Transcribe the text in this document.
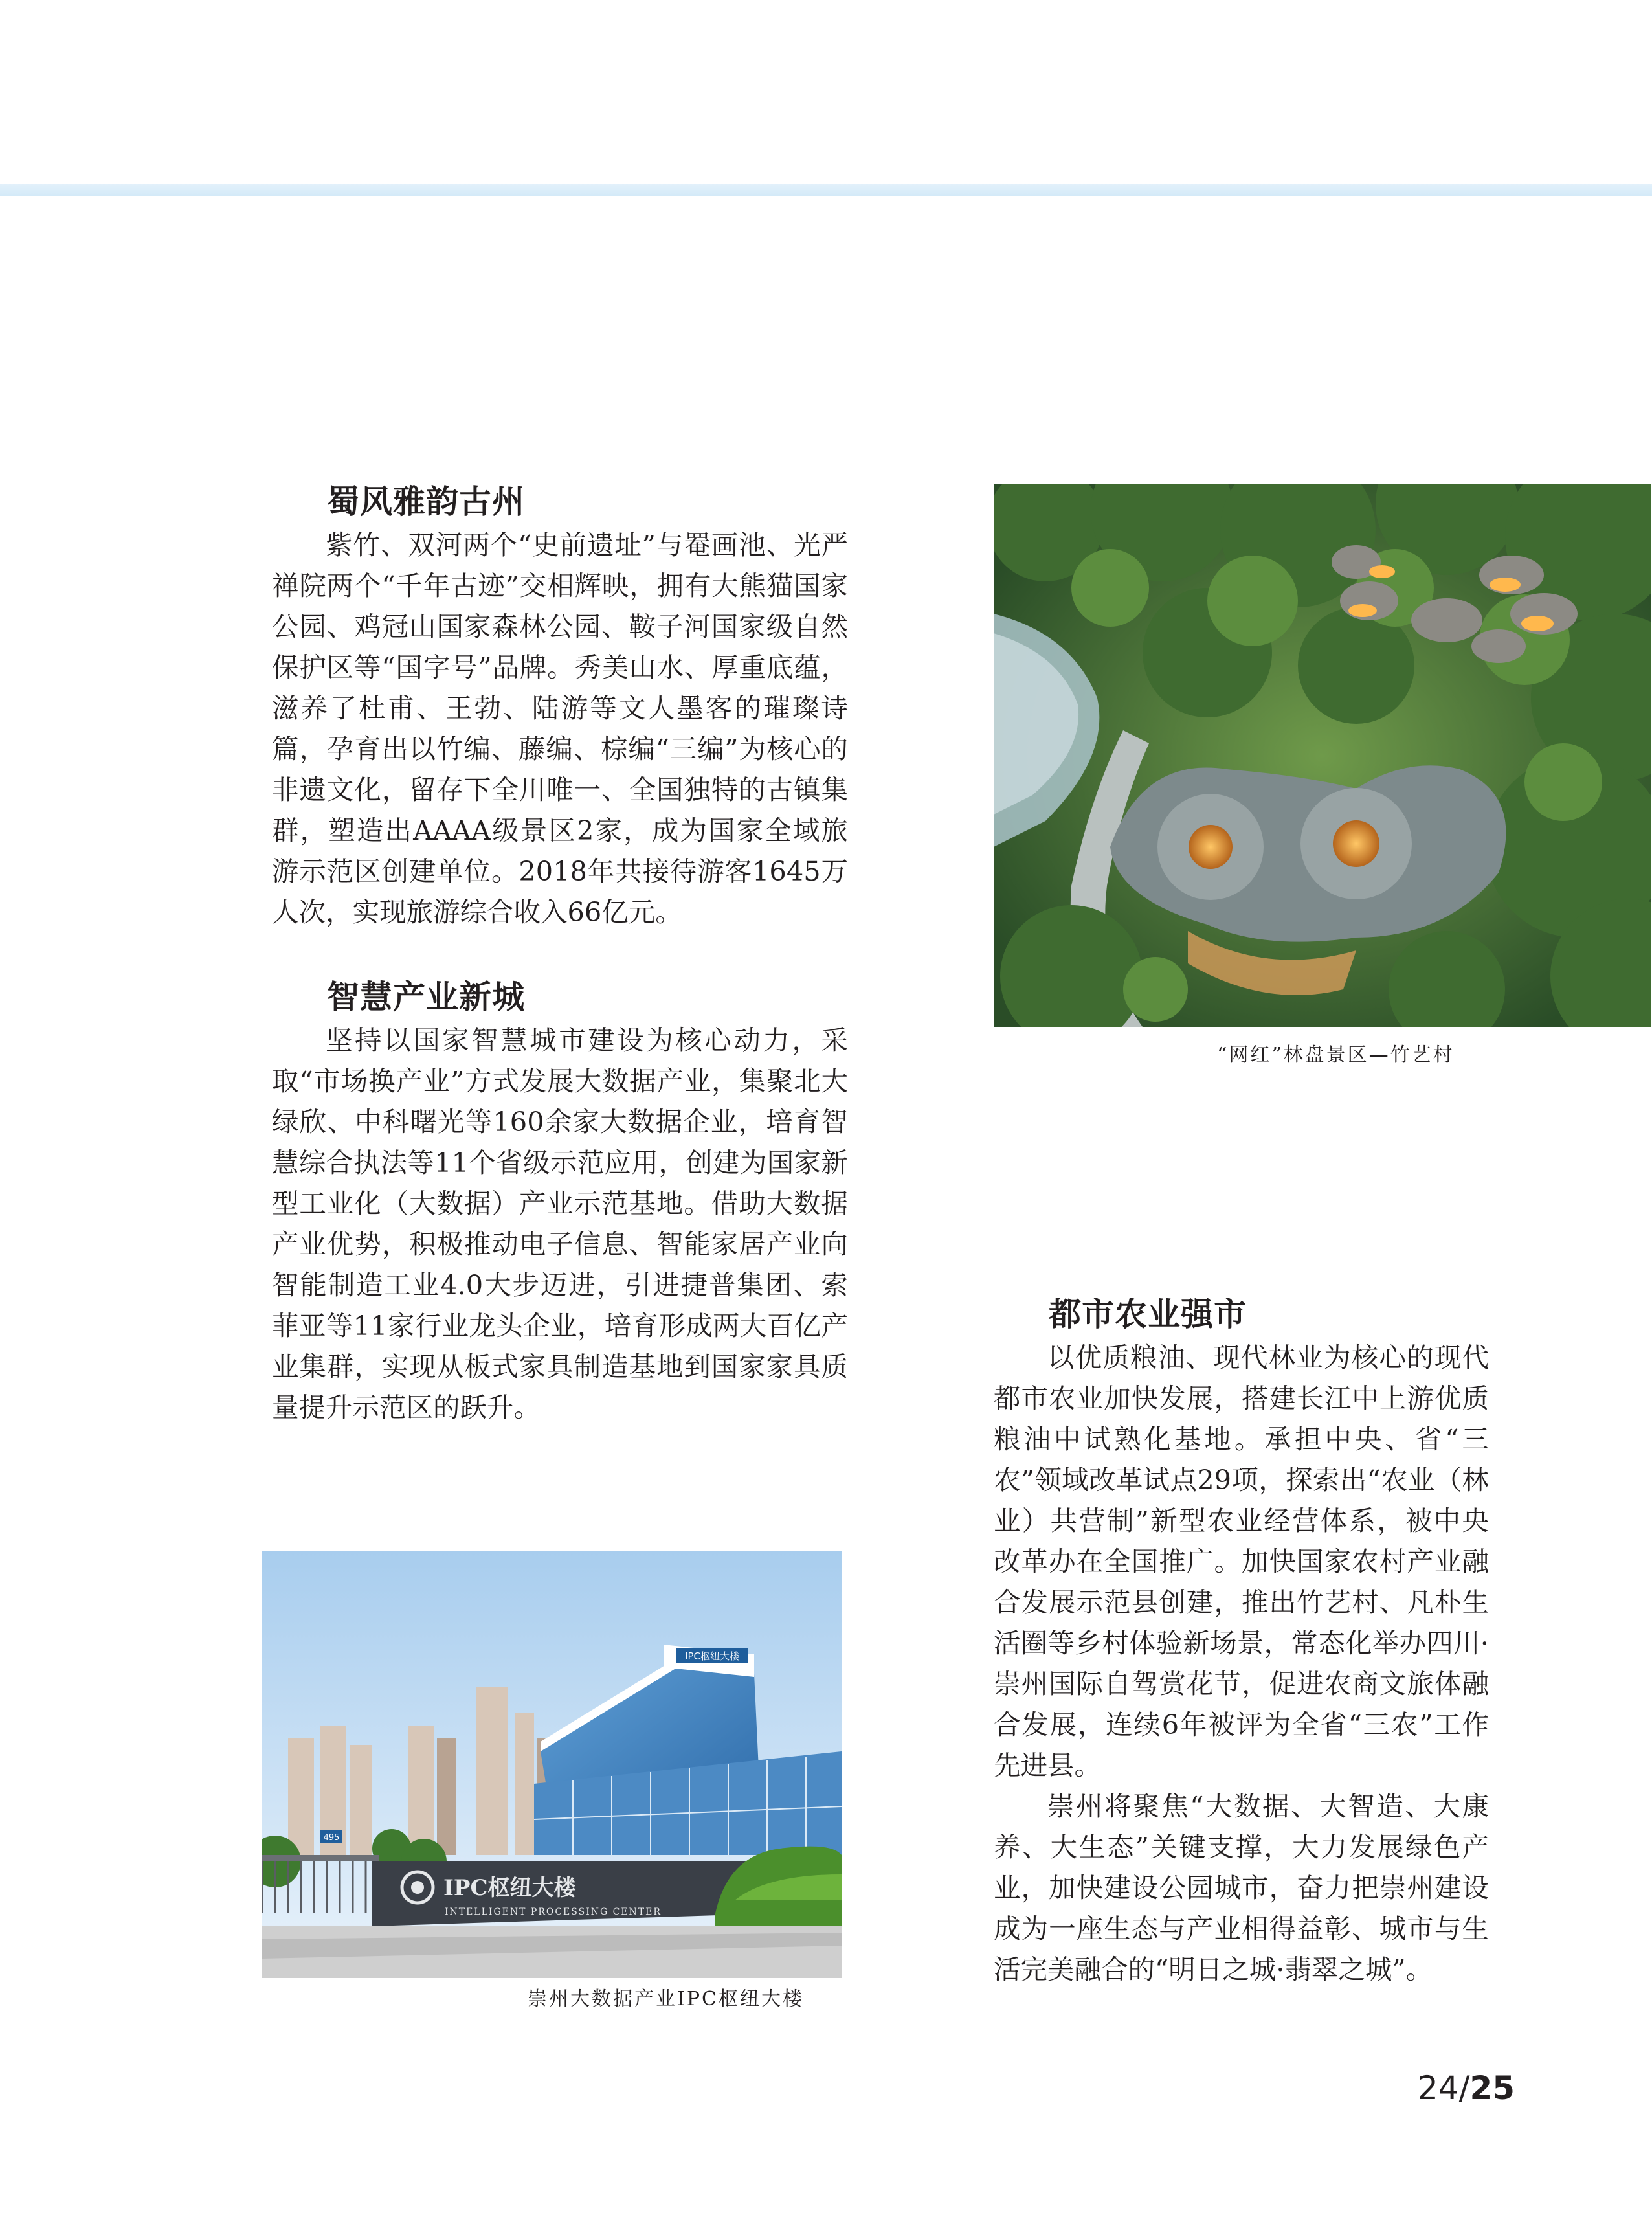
蜀风雅韵古州

紫竹、双河两个“史前遗址”与罨画池、光严禅院两个“千年古迹”交相辉映，拥有大熊猫国家公园、鸡冠山国家森林公园、鞍子河国家级自然保护区等“国字号”品牌。秀美山水、厚重底蕴，滋养了杜甫、王勃、陆游等文人墨客的璀璨诗篇，孕育出以竹编、藤编、棕编“三编”为核心的非遗文化，留存下全川唯一、全国独特的古镇集群，塑造出AAAA级景区2家，成为国家全域旅游示范区创建单位。2018年共接待游客1645万人次，实现旅游综合收入66亿元。

智慧产业新城

坚持以国家智慧城市建设为核心动力，采取“市场换产业”方式发展大数据产业，集聚北大绿欣、中科曙光等160余家大数据企业，培育智慧综合执法等11个省级示范应用，创建为国家新型工业化（大数据）产业示范基地。借助大数据产业优势，积极推动电子信息、智能家居产业向智能制造工业4.0大步迈进，引进捷普集团、索菲亚等11家行业龙头企业，培育形成两大百亿产业集群，实现从板式家具制造基地到国家家具质量提升示范区的跃升。

都市农业强市

以优质粮油、现代林业为核心的现代都市农业加快发展，搭建长江中上游优质粮油中试熟化基地。承担中央、省“三农”领域改革试点29项，探索出“农业（林业）共营制”新型农业经营体系，被中央改革办在全国推广。加快国家农村产业融合发展示范县创建，推出竹艺村、凡朴生活圈等乡村体验新场景，常态化举办四川·崇州国际自驾赏花节，促进农商文旅体融合发展，连续6年被评为全省“三农”工作先进县。

崇州将聚焦“大数据、大智造、大康养、大生态”关键支撑，大力发展绿色产业，加快建设公园城市，奋力把崇州建设成为一座生态与产业相得益彰、城市与生活完美融合的“明日之城·翡翠之城”。

“网红”林盘景区—竹艺村
IPC枢纽大楼
495
IPC枢纽大楼
INTELLIGENT PROCESSING CENTER
崇州大数据产业IPC枢纽大楼
24/25
